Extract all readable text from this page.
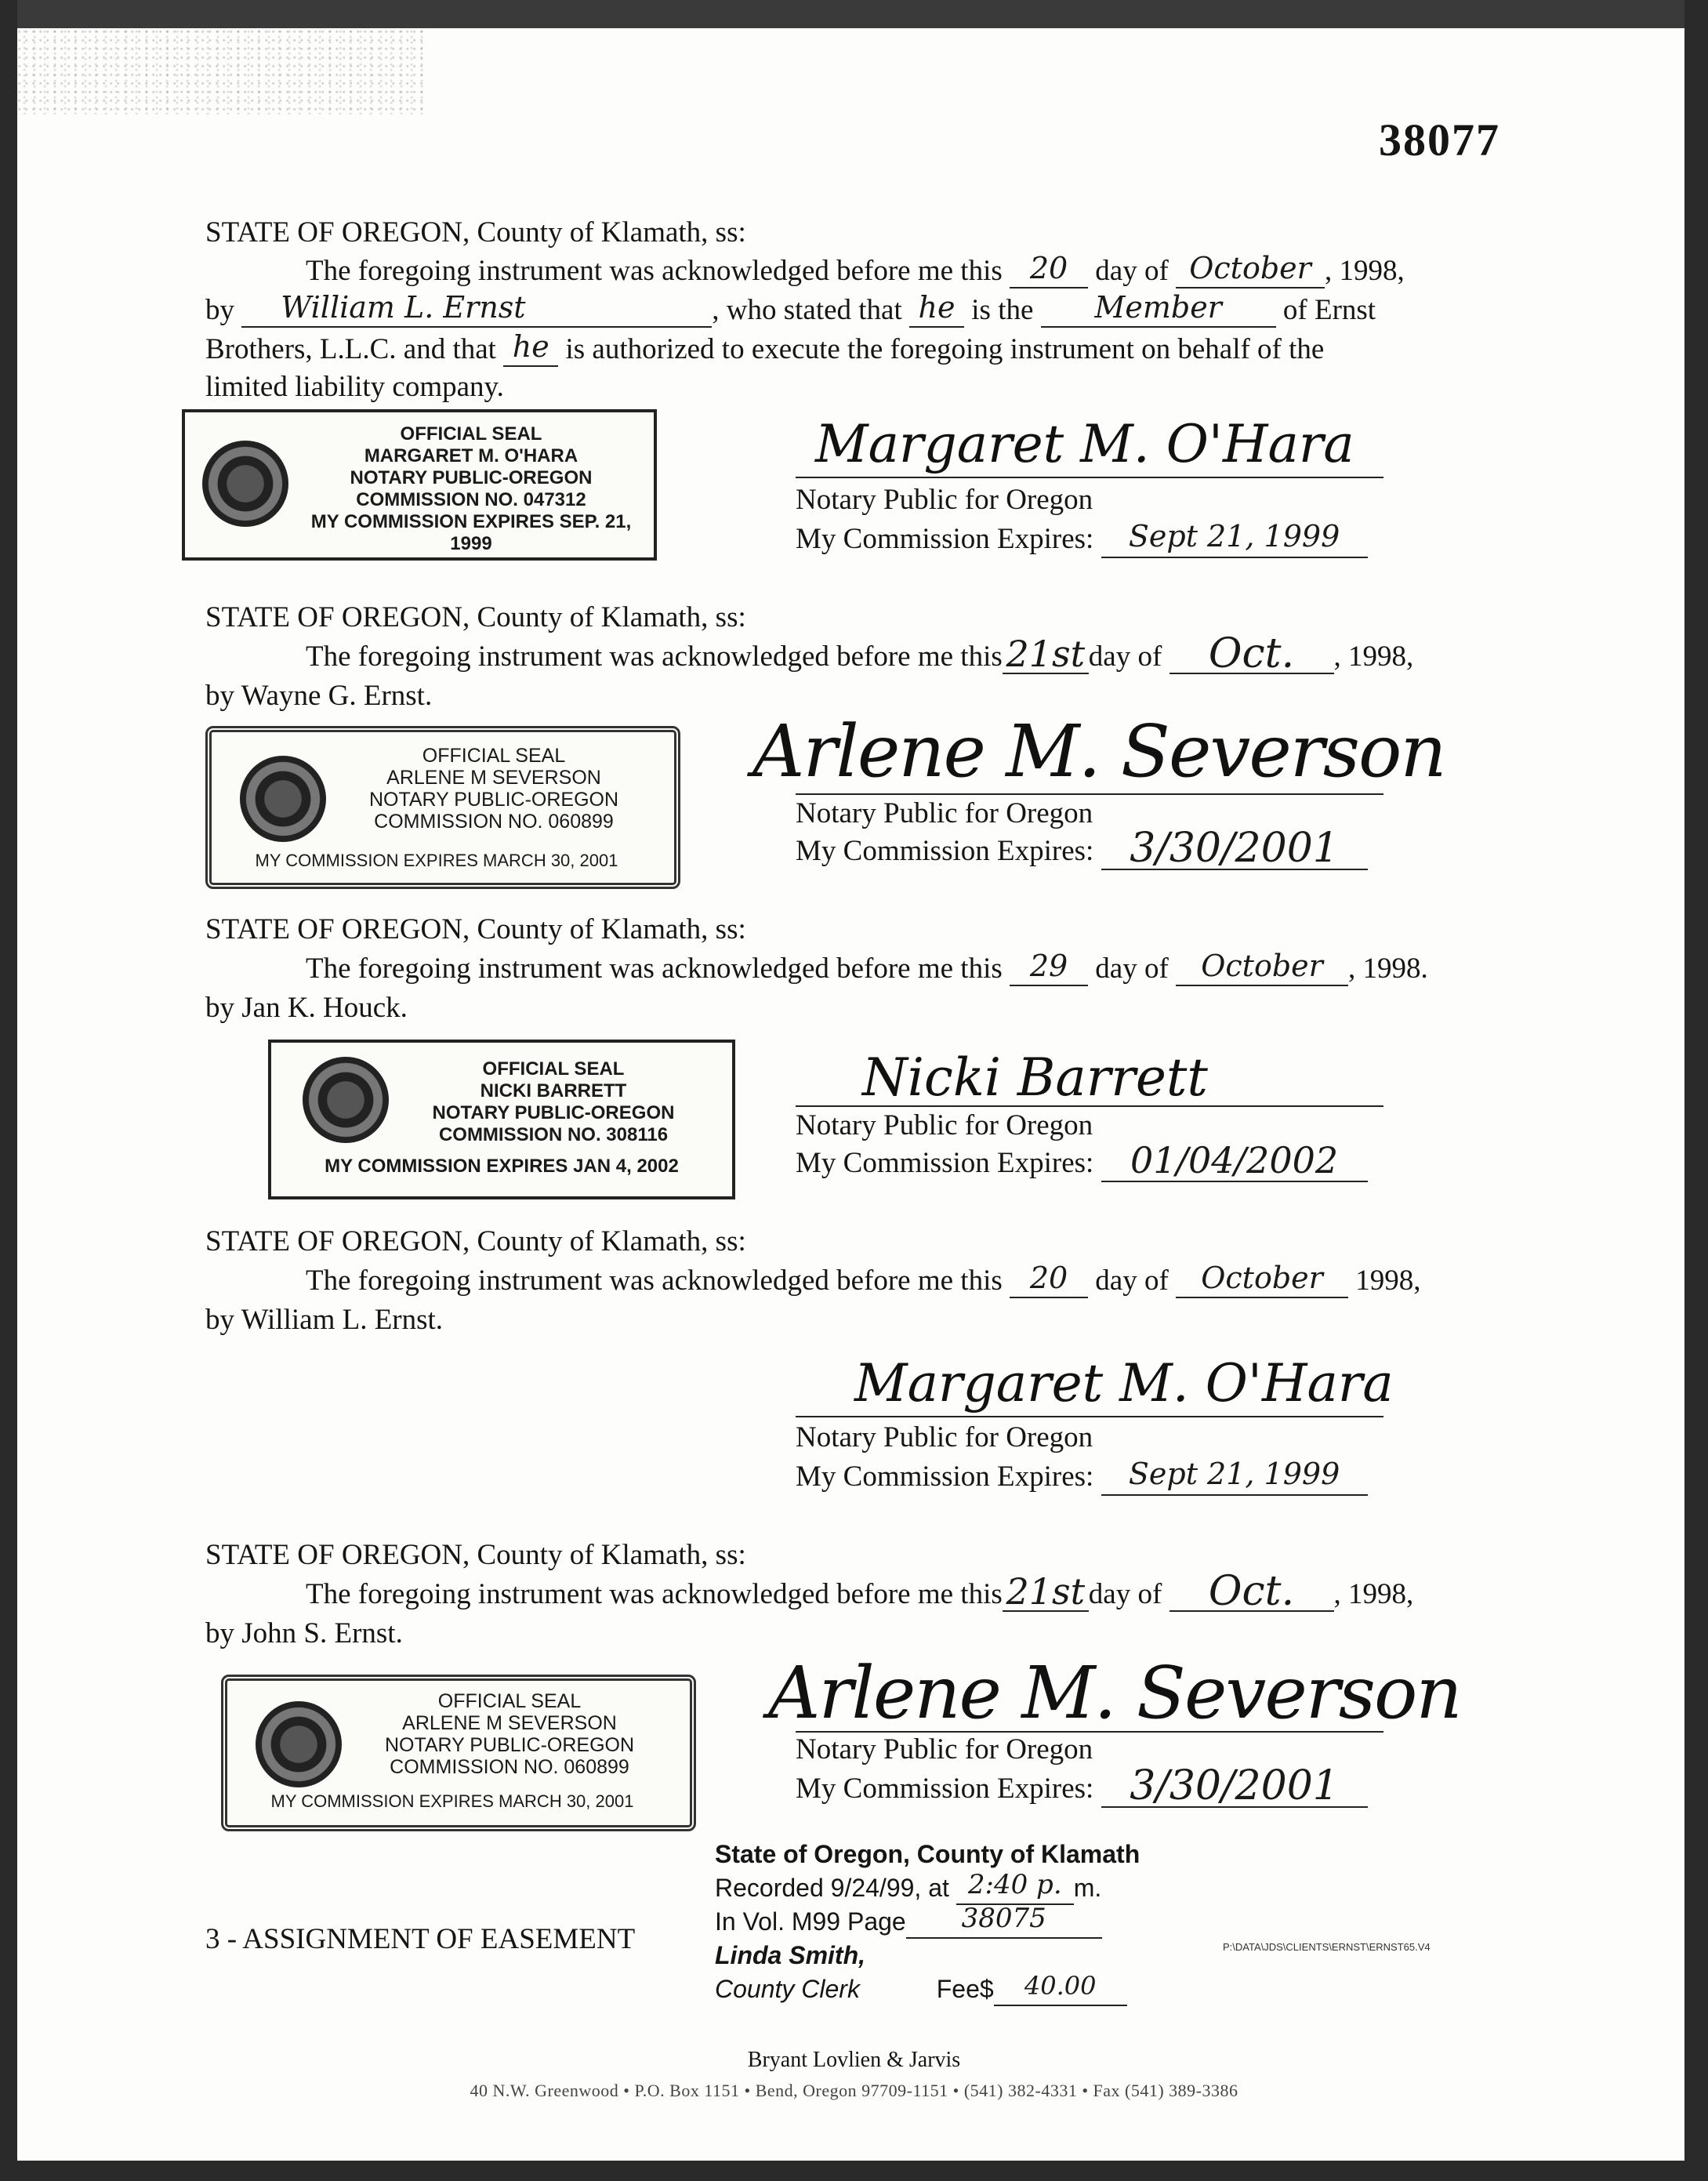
38077
STATE OF OREGON, County of Klamath, ss:
The foregoing instrument was acknowledged before me this 20 day of October , 1998,
by	William L. Ernst	, who stated that he is the	Member	of Ernst
Brothers, L.L.C. and that he is authorized to execute the foregoing instrument on behalf of the
limited liability company.
OFFICIAL SEAL
MARGARET M. O'HARA
NOTARY PUBLIC-OREGON
COMMISSION NO. 047312
MY COMMISSION EXPIRES SEP. 21, 1999
Margaret M. O'Hara
Notary Public for Oregon
My Commission Expires:	Sept 21, 1999
STATE OF OREGON, County of Klamath, ss:
The foregoing instrument was acknowledged before me this 21st day of	Oct.	, 1998,
by Wayne G. Ernst.
OFFICIAL SEAL
ARLENE M SEVERSON
NOTARY PUBLIC-OREGON
COMMISSION NO. 060899
MY COMMISSION EXPIRES MARCH 30, 2001
Arlene M. Severson
Notary Public for Oregon
My Commission Expires: 3/30/2001
STATE OF OREGON, County of Klamath, ss:
The foregoing instrument was acknowledged before me this 29 day of	October , 1998.
by Jan K. Houck.
OFFICIAL SEAL
NICKI BARRETT
NOTARY PUBLIC-OREGON
COMMISSION NO. 308116
MY COMMISSION EXPIRES JAN 4, 2002
Nicki Barrett
Notary Public for Oregon
My Commission Expires:	01/04/2002
STATE OF OREGON, County of Klamath, ss:
The foregoing instrument was acknowledged before me this 20 day of	October 1998,
by William L. Ernst.
Margaret M. O'Hara
Notary Public for Oregon
My Commission Expires:	Sept 21, 1999
STATE OF OREGON, County of Klamath, ss:
The foregoing instrument was acknowledged before me this 21st day of	Oct.	, 1998,
by John S. Ernst.
OFFICIAL SEAL
ARLENE M SEVERSON
NOTARY PUBLIC-OREGON
COMMISSION NO. 060899
MY COMMISSION EXPIRES MARCH 30, 2001
Arlene M. Severson
Notary Public for Oregon
My Commission Expires: 3/30/2001
3 - ASSIGNMENT OF EASEMENT
State of Oregon, County of Klamath
Recorded 9/24/99, at 2:40 p. m.
In Vol. M99 Page	38075
Linda Smith,
County Clerk	Fee$	40.00
P:\DATA\JDS\CLIENTS\ERNST\ERNST65.V4
Bryant Lovlien & Jarvis
40 N.W. Greenwood • P.O. Box 1151 • Bend, Oregon 97709-1151 • (541) 382-4331 • Fax (541) 389-3386
